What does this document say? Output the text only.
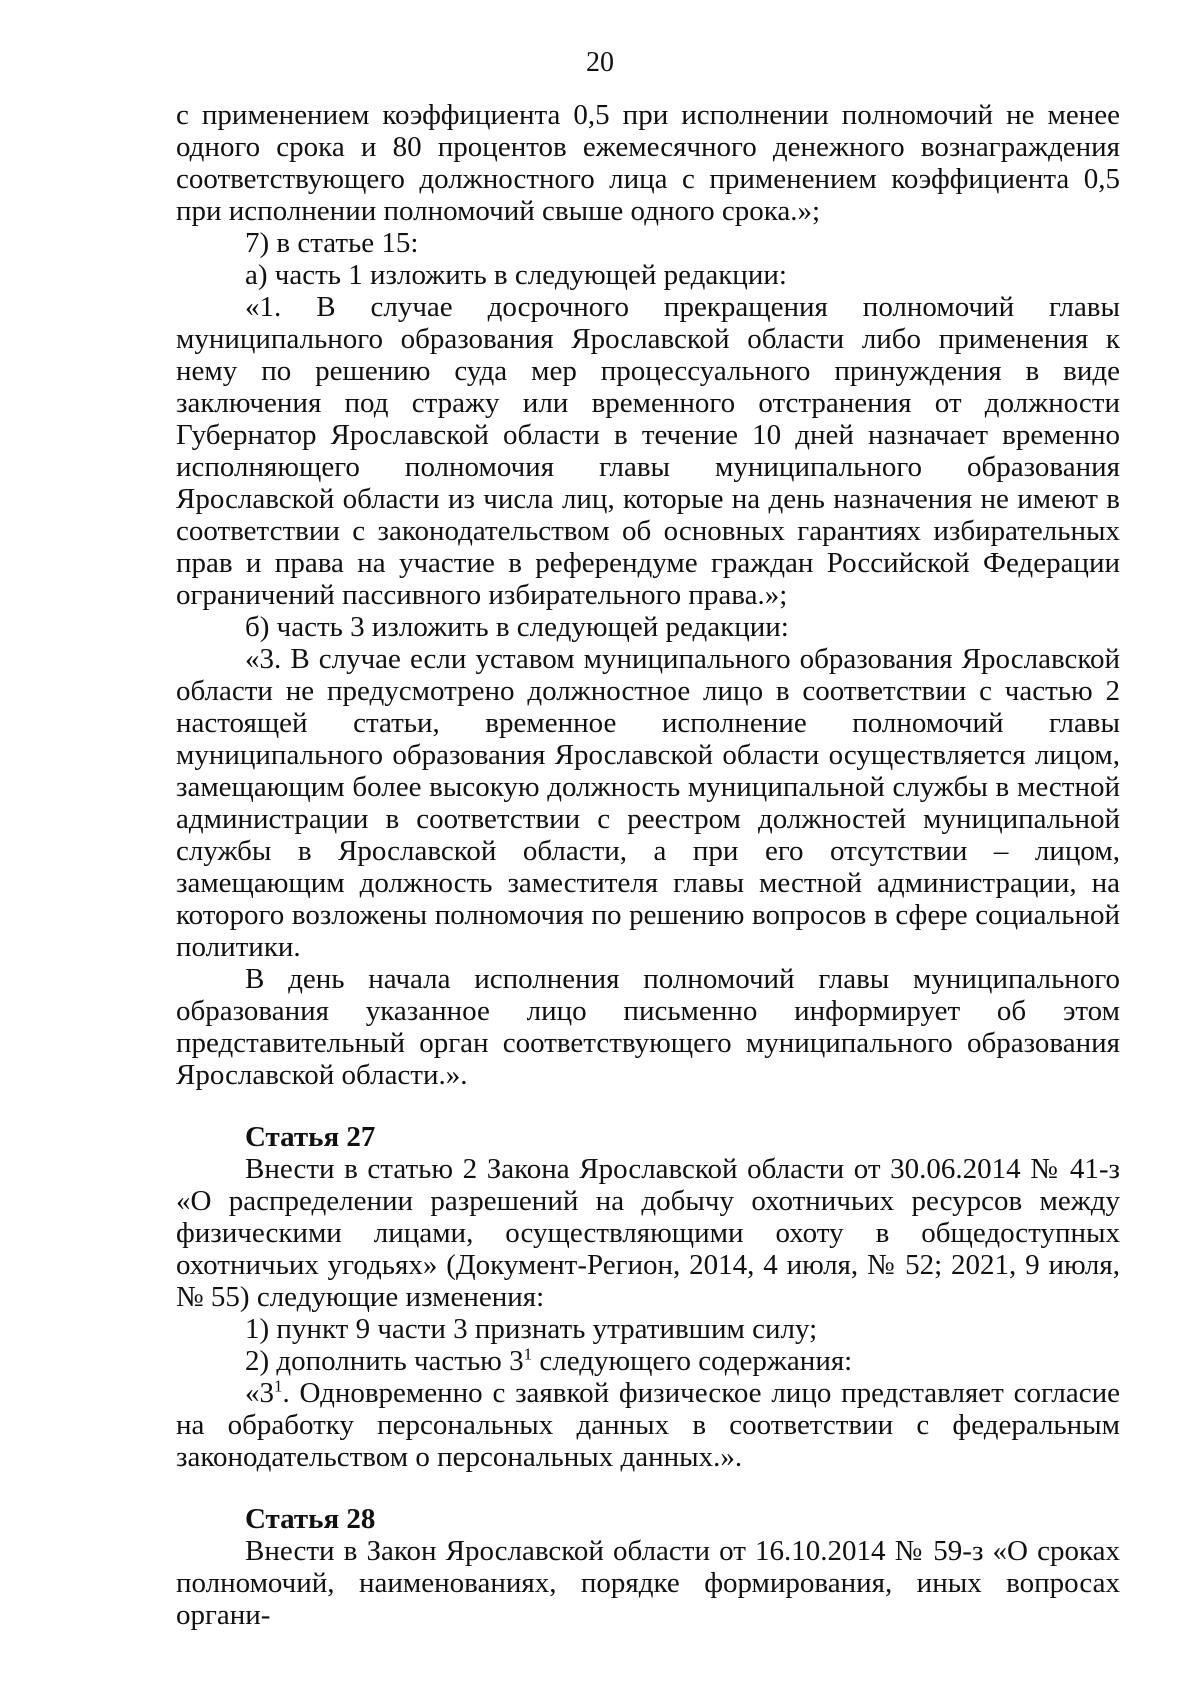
20

с применением коэффициента 0,5 при исполнении полномочий не менее одного срока и 80 процентов ежемесячного денежного вознаграждения соответствующего должностного лица с применением коэффициента 0,5 при исполнении полномочий свыше одного срока.»;

7) в статье 15:

а) часть 1 изложить в следующей редакции:

«1. В случае досрочного прекращения полномочий главы муниципального образования Ярославской области либо применения к нему по решению суда мер процессуального принуждения в виде заключения под стражу или временного отстранения от должности Губернатор Ярославской области в течение 10 дней назначает временно исполняющего полномочия главы муниципального образования Ярославской области из числа лиц, которые на день назначения не имеют в соответствии с законодательством об основных гарантиях избирательных прав и права на участие в референдуме граждан Российской Федерации ограничений пассивного избирательного права.»;

б) часть 3 изложить в следующей редакции:

«3. В случае если уставом муниципального образования Ярославской области не предусмотрено должностное лицо в соответствии с частью 2 настоящей статьи, временное исполнение полномочий главы муниципального образования Ярославской области осуществляется лицом, замещающим более высокую должность муниципальной службы в местной администрации в соответствии с реестром должностей муниципальной службы в Ярославской области, а при его отсутствии – лицом, замещающим должность заместителя главы местной администрации, на которого возложены полномочия по решению вопросов в сфере социальной политики.

В день начала исполнения полномочий главы муниципального образования указанное лицо письменно информирует об этом представительный орган соответствующего муниципального образования Ярославской области.».

Статья 27

Внести в статью 2 Закона Ярославской области от 30.06.2014 № 41-з «О распределении разрешений на добычу охотничьих ресурсов между физическими лицами, осуществляющими охоту в общедоступных охотничьих угодьях» (Документ-Регион, 2014, 4 июля, № 52; 2021, 9 июля, № 55) следующие изменения:

1) пункт 9 части 3 признать утратившим силу;

2) дополнить частью $3^1$ следующего содержания:

«$3^1$. Одновременно с заявкой физическое лицо представляет согласие на обработку персональных данных в соответствии с федеральным законодательством о персональных данных.».

Статья 28

Внести в Закон Ярославской области от 16.10.2014 № 59-з «О сроках полномочий, наименованиях, порядке формирования, иных вопросах органи-
